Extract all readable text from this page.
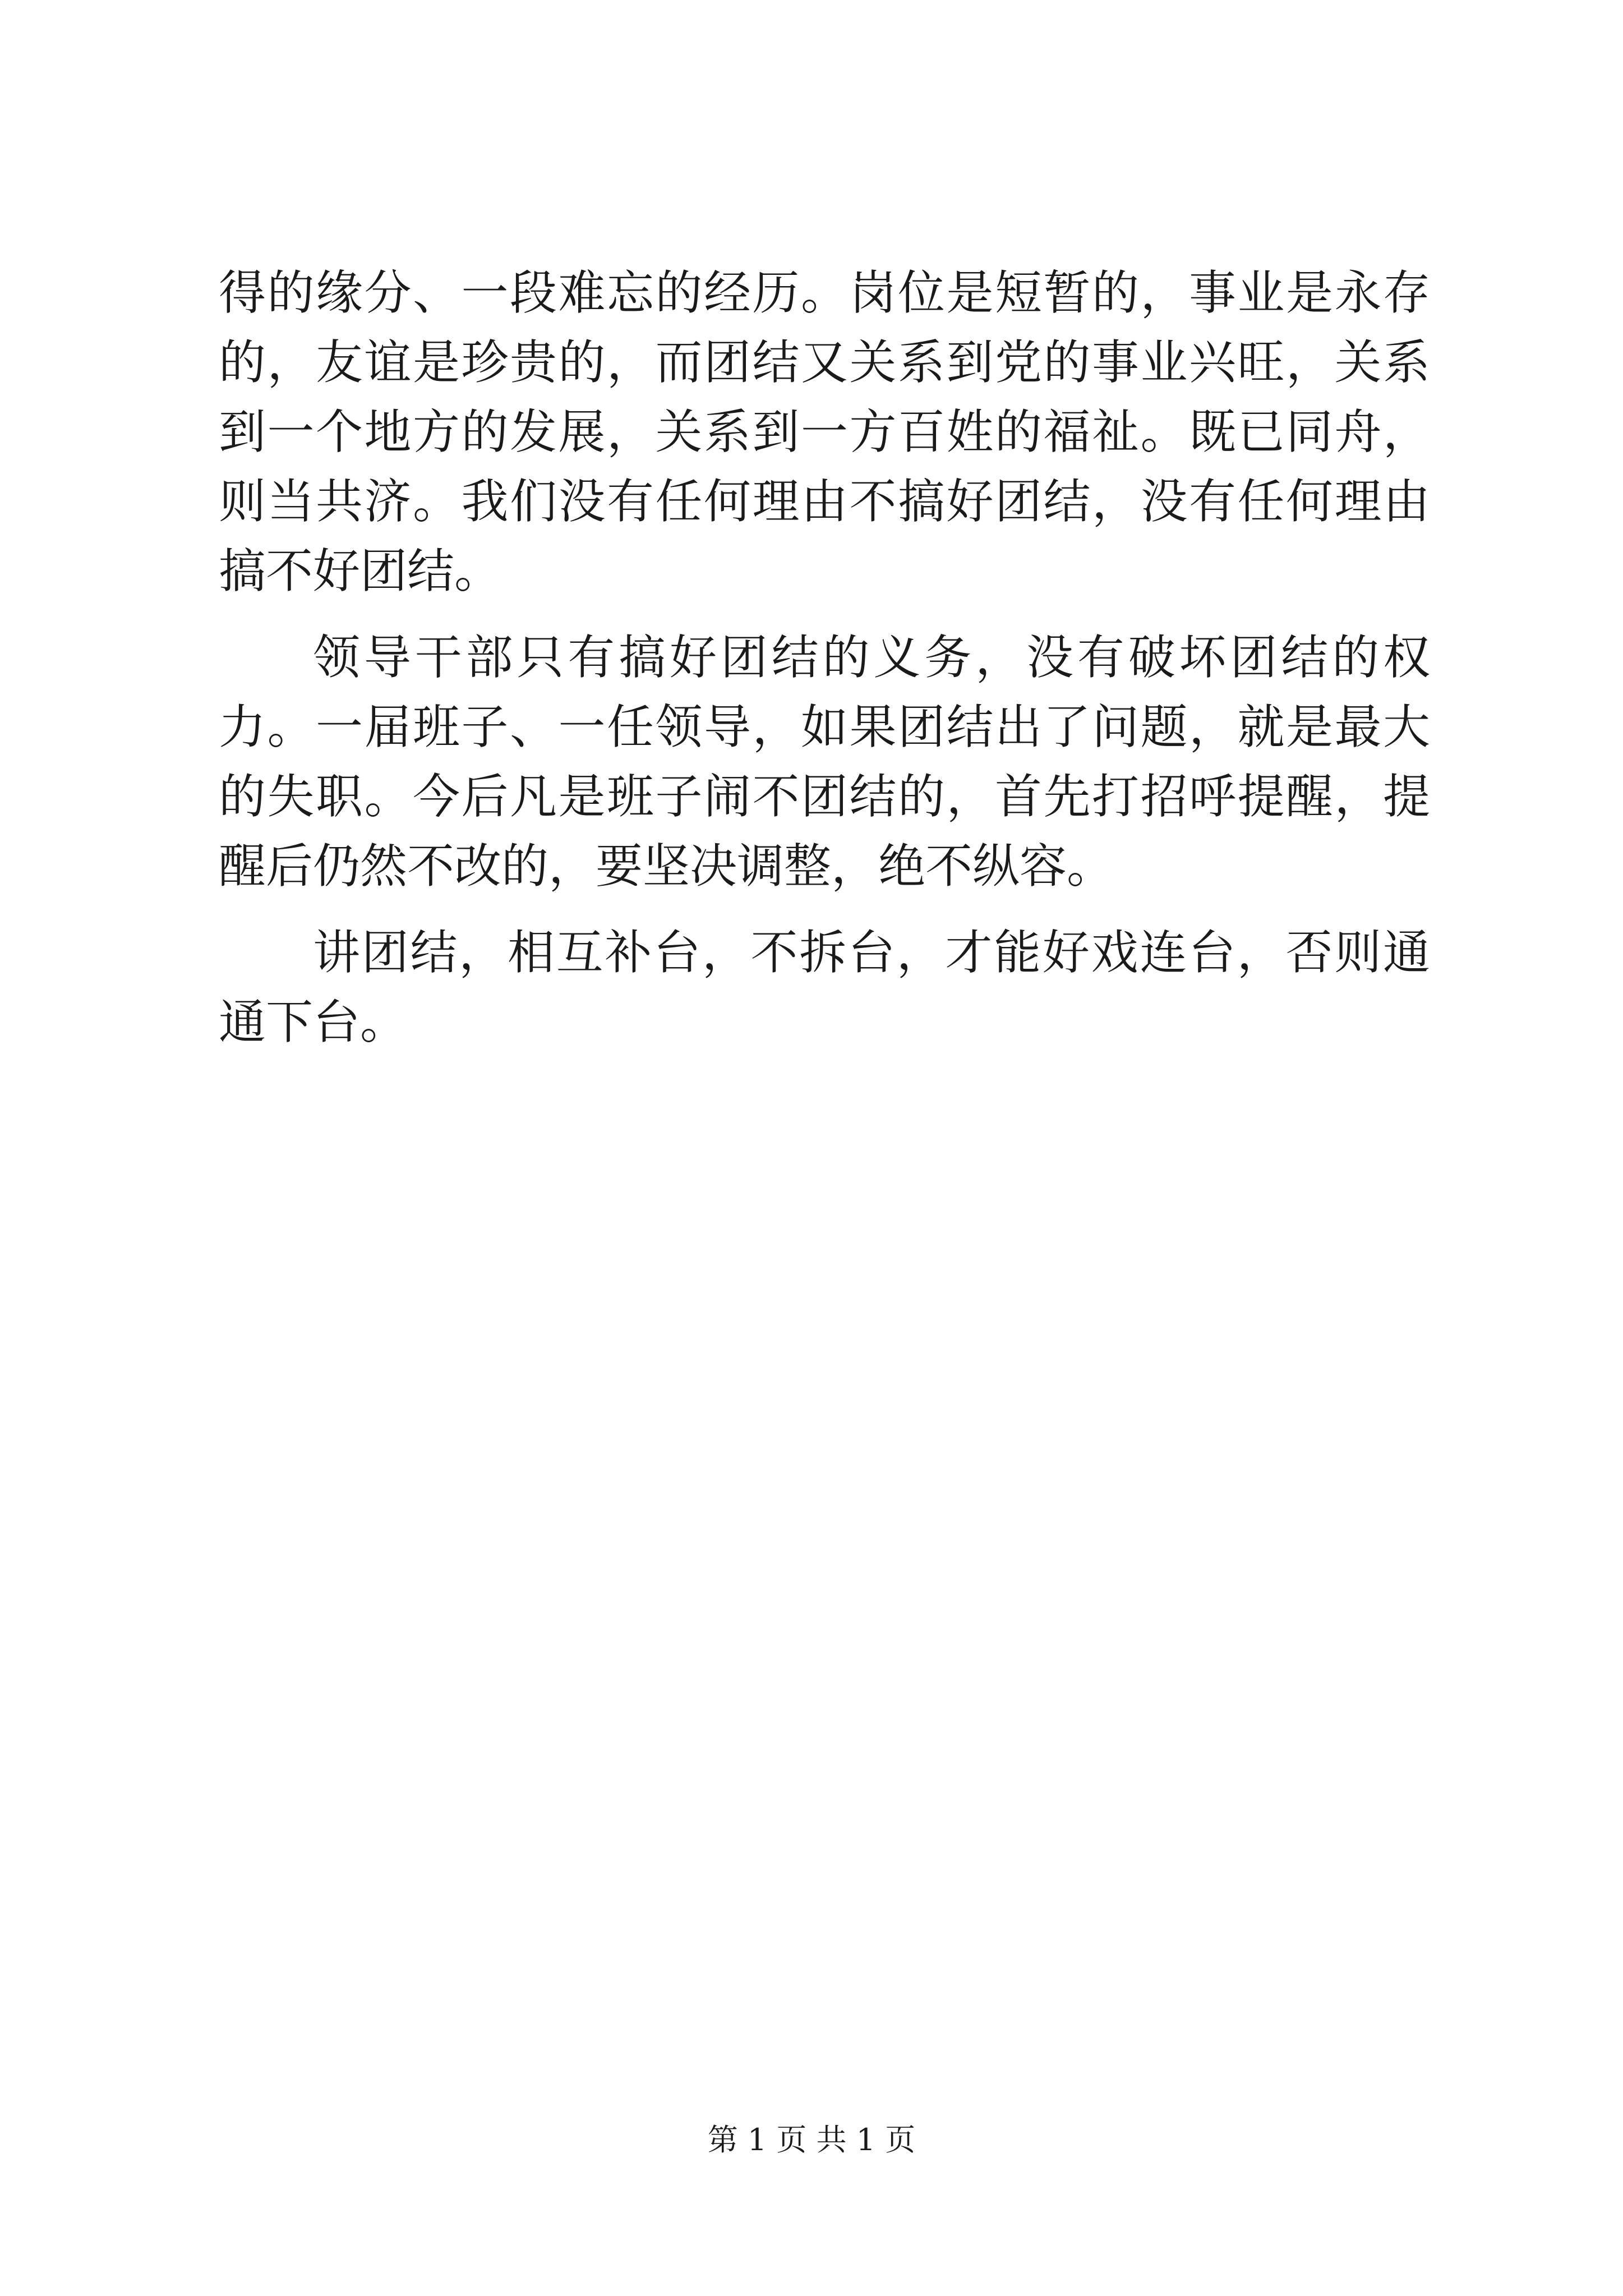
得的缘分、一段难忘的经历。岗位是短暂的，事业是永存的，友谊是珍贵的，而团结又关系到党的事业兴旺，关系到一个地方的发展，关系到一方百姓的福祉。既已同舟，则当共济。我们没有任何理由不搞好团结，没有任何理由搞不好团结。

领导干部只有搞好团结的义务，没有破坏团结的权力。一届班子、一任领导，如果团结出了问题，就是最大的失职。今后凡是班子闹不团结的，首先打招呼提醒，提醒后仍然不改的，要坚决调整，绝不纵容。

讲团结，相互补台，不拆台，才能好戏连台，否则通通下台。

第 1 页 共 1 页
